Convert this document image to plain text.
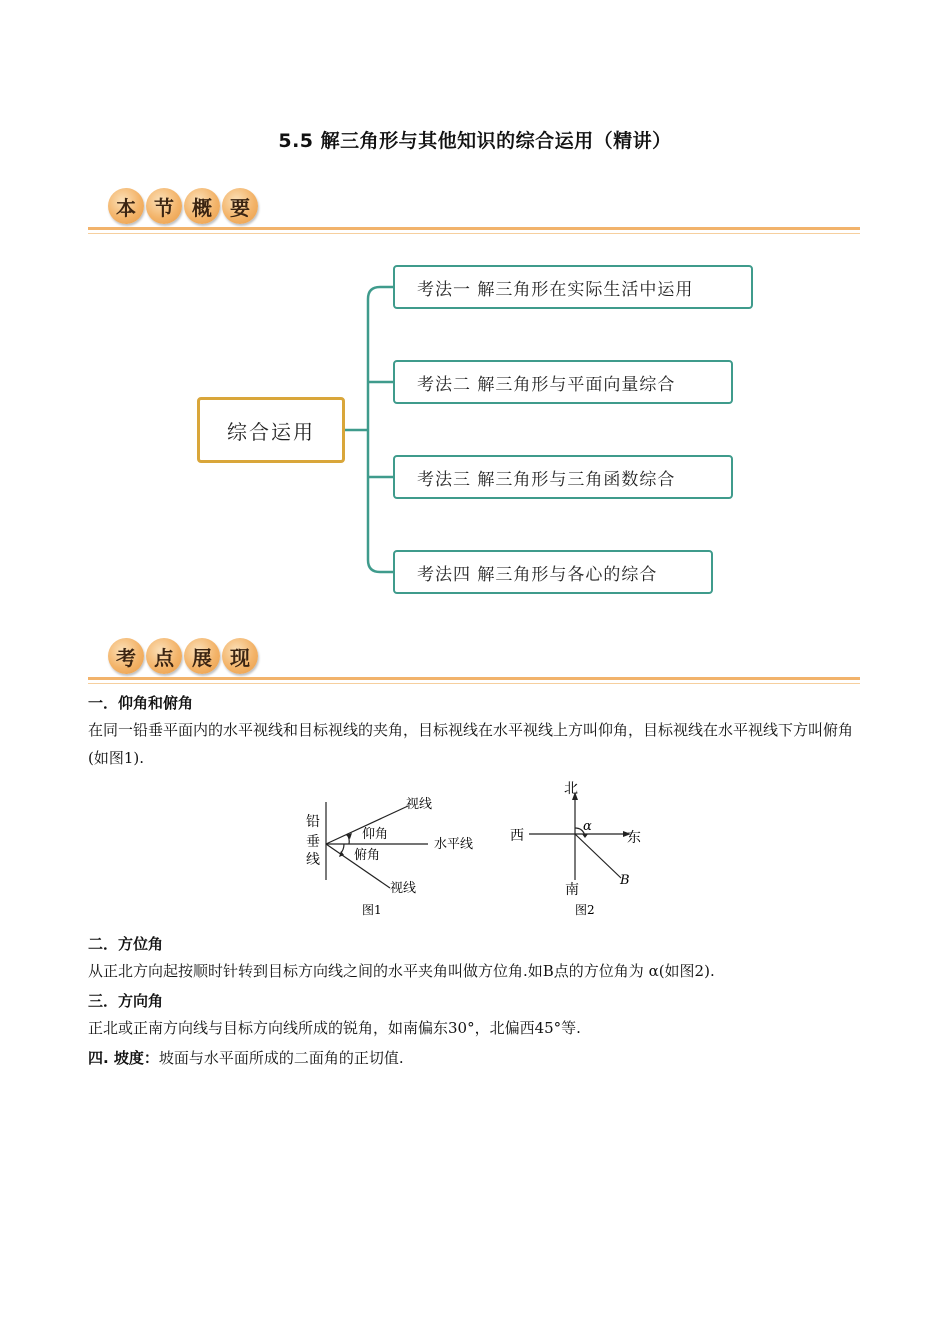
5.5 解三角形与其他知识的综合运用（精讲）
本 节 概 要
综合运用
考法一 解三角形在实际生活中运用
考法二 解三角形与平面向量综合
考法三 解三角形与三角函数综合
考法四 解三角形与各心的综合
考 点 展 现
一．仰角和俯角
在同一铅垂平面内的水平视线和目标视线的夹角，目标视线在水平视线上方叫仰角，目标视线在水平视线下方叫俯角(如图1).
视线
仰角
水平线
俯角
视线
铅
垂
线
图1
北
西	东
南
α
B
图2
二．方位角
从正北方向起按顺时针转到目标方向线之间的水平夹角叫做方位角.如B点的方位角为 α(如图2).
三．方向角
正北或正南方向线与目标方向线所成的锐角，如南偏东30°，北偏西45°等.
四. 坡度：坡面与水平面所成的二面角的正切值.
